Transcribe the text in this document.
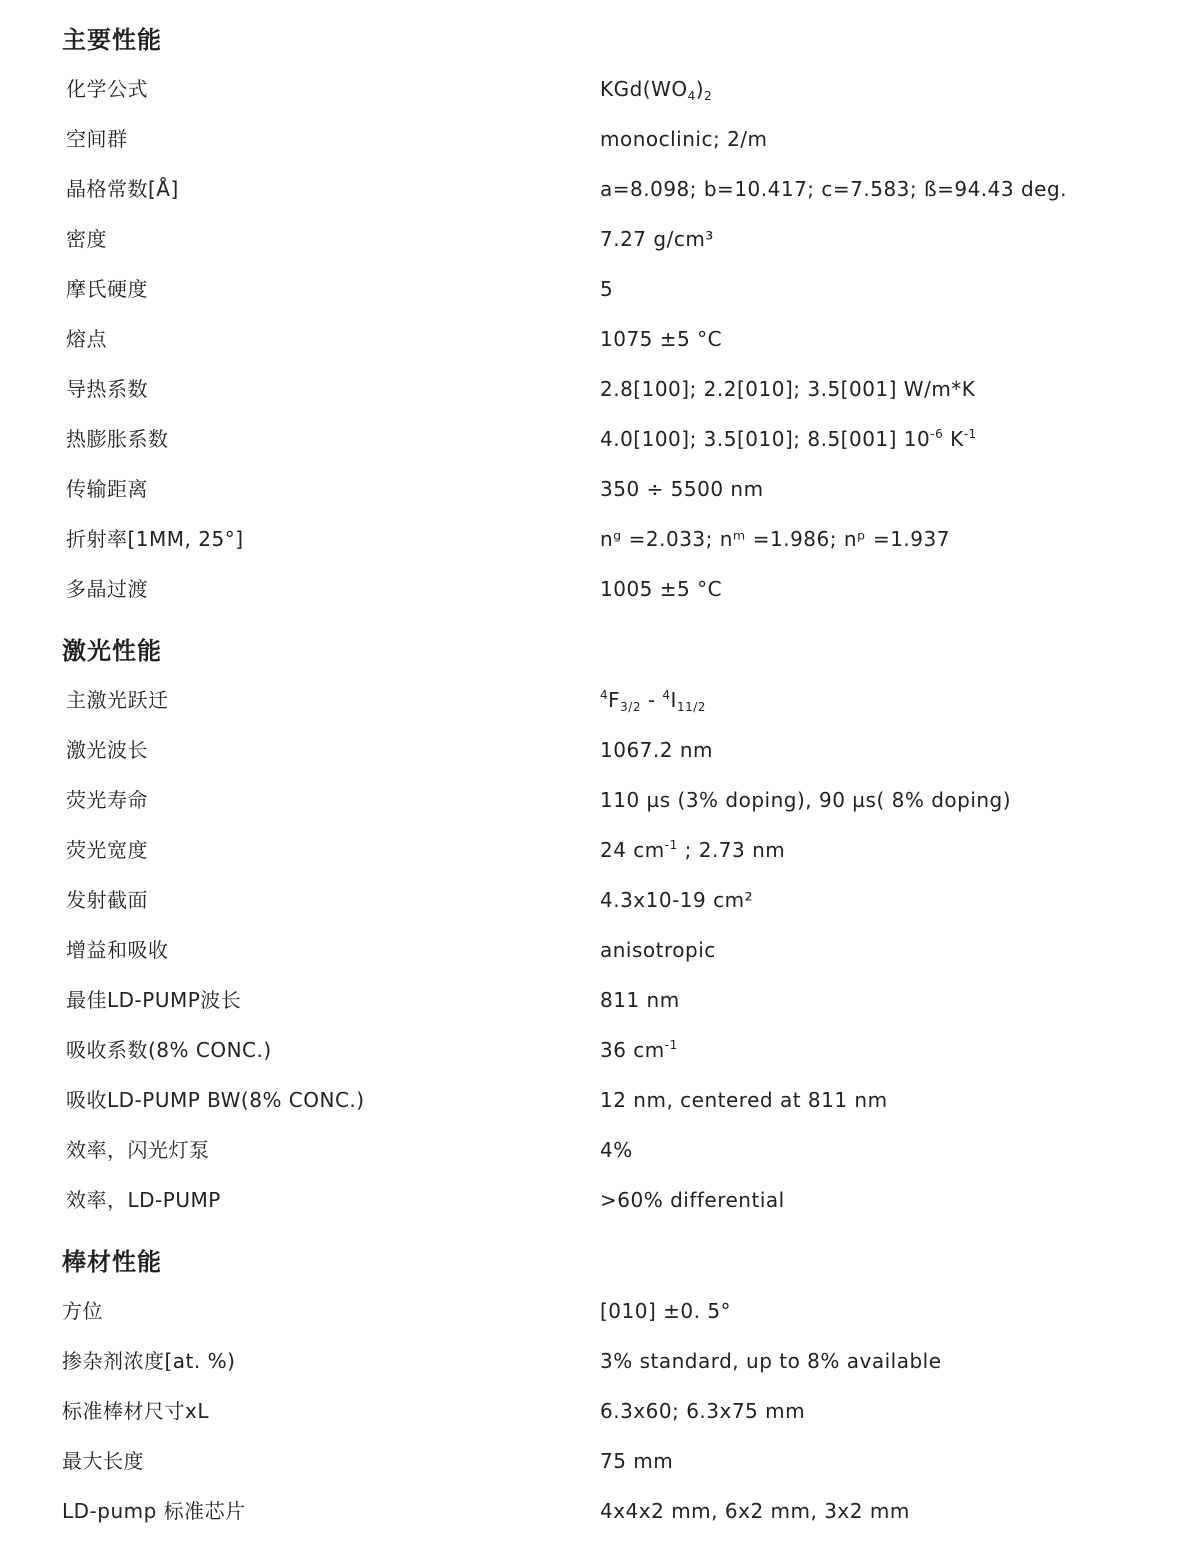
主要性能
化学公式	$KGd(WO_4)_2$
空间群	monoclinic; 2/m
晶格常数[Å]	a=8.098; b=10.417; c=7.583; ß=94.43 deg.
密度	7.27 g/cm³
摩氏硬度	5
熔点	1075 ±5 °C
导热系数	2.8[100]; 2.2[010]; 3.5[001] W/m*K
热膨胀系数	4.0[100]; 3.5[010]; 8.5[001] $10^{-6}$ $K^{-1}$
传输距离	350 ÷ 5500 nm
折射率[1MM, 25°]	nᵍ =2.033; nᵐ =1.986; nᵖ =1.937
多晶过渡	1005 ±5 °C
激光性能
主激光跃迁	$^4F_{3/2} - ^4I_{11/2}$
激光波长	1067.2 nm
荧光寿命	110 µs (3% doping), 90 µs( 8% doping)
荧光宽度	24 $cm^{-1}$ ; 2.73 nm
发射截面	4.3x10-19 cm²
增益和吸收	anisotropic
最佳LD-PUMP波长	811 nm
吸收系数(8% CONC.)	36 $cm^{-1}$
吸收LD-PUMP BW(8% CONC.)	12 nm, centered at 811 nm
效率，闪光灯泵	4%
效率，LD-PUMP	>60% differential
棒材性能
方位	[010] ±0. 5°
掺杂剂浓度[at. %)	3% standard, up to 8% available
标准棒材尺寸xL	6.3x60; 6.3x75 mm
最大长度	75 mm
LD-pump 标准芯片	4x4x2 mm, 6x2 mm, 3x2 mm
